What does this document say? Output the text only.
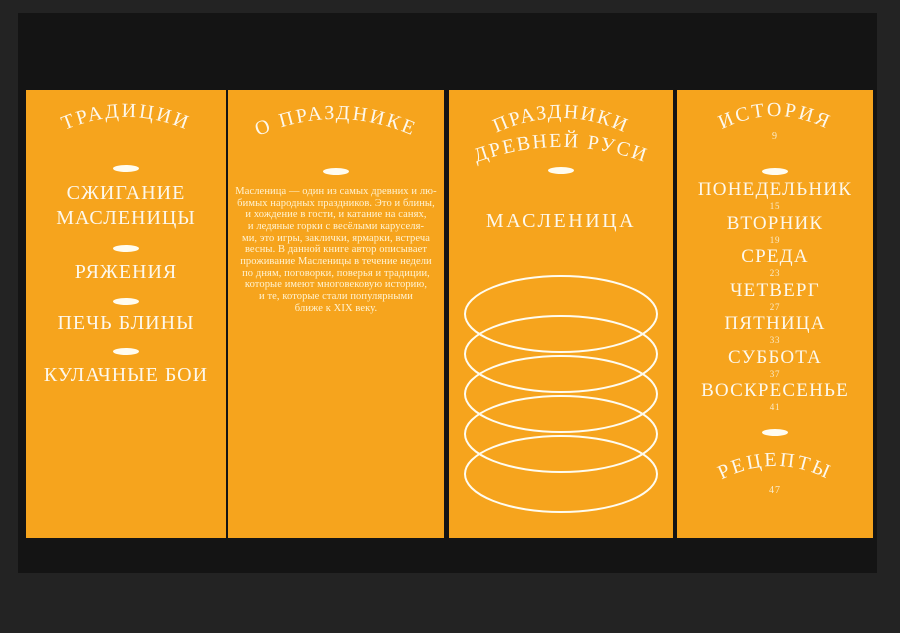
ТРАДИЦИИ
СЖИГАНИЕ МАСЛЕНИЦЫ
РЯЖЕНИЯ
ПЕЧЬ БЛИНЫ
КУЛАЧНЫЕ БОИ
О ПРАЗДНИКЕ
Масленица — один из самых древних и лю-
бимых народных праздников. Это и блины,
и хождение в гости, и катание на санях,
и ледяные горки с весёлыми каруселя-
ми, это игры, заклички, ярмарки, встреча
весны. В данной книге автор описывает
проживание Масленицы в течение недели
по дням, поговорки, поверья и традиции,
которые имеют многовековую историю,
и те, которые стали популярными
ближе к XIX веку.
ПРАЗДНИКИ
ДРЕВНЕЙ РУСИ
МАСЛЕНИЦА
ИСТОРИЯ
9
ПОНЕДЕЛЬНИК
15
ВТОРНИК
19
СРЕДА
23
ЧЕТВЕРГ
27
ПЯТНИЦА
33
СУББОТА
37
ВОСКРЕСЕНЬЕ
41
РЕЦЕПТЫ
47
